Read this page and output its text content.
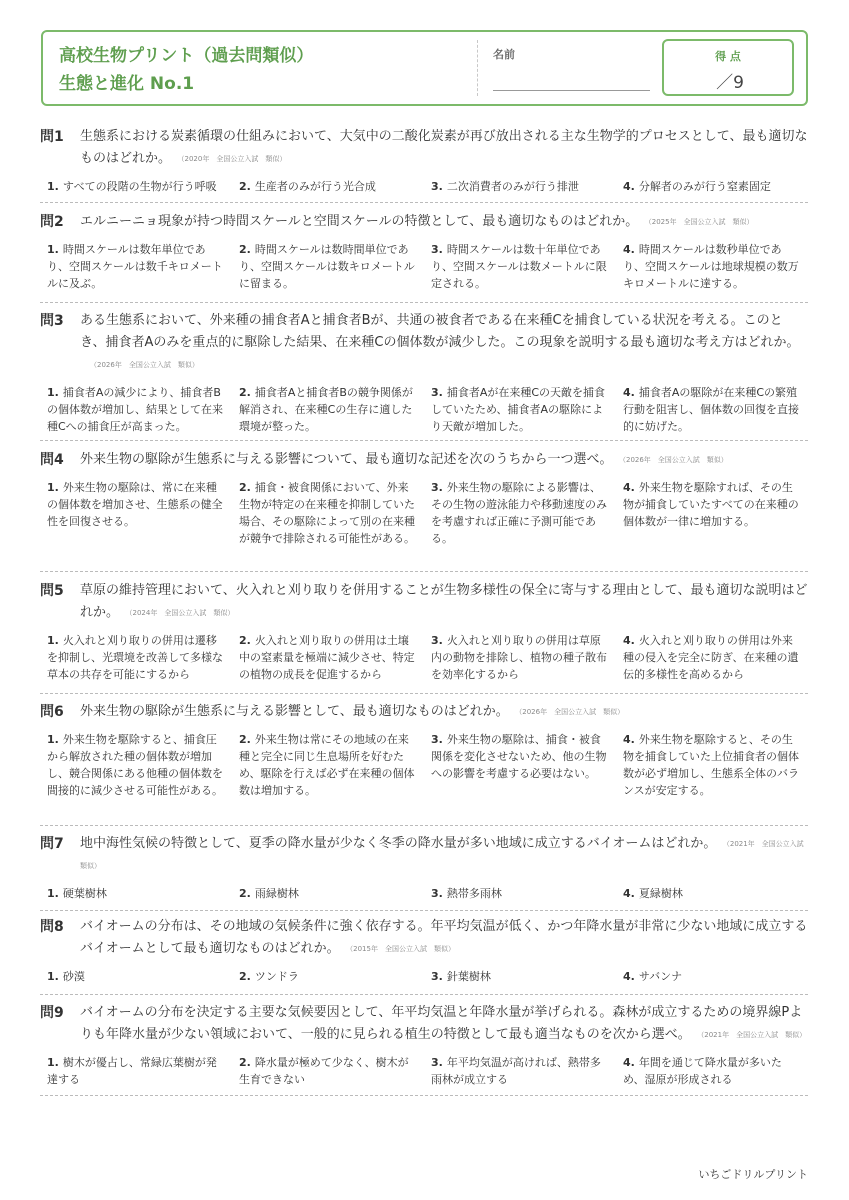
高校生物プリント（過去問類似）
生態と進化 No.1
名前	得 点
／9
問1 生態系における炭素循環の仕組みにおいて、大気中の二酸化炭素が再び放出される主な生物学的プロセスとして、最も適切なものはどれか。 （2020年　全国公立入試　類似）
1. すべての段階の生物が行う呼吸	2. 生産者のみが行う光合成	3. 二次消費者のみが行う排泄	4. 分解者のみが行う窒素固定
問2 エルニーニョ現象が持つ時間スケールと空間スケールの特徴として、最も適切なものはどれか。 （2025年　全国公立入試　類似）
1. 時間スケールは数年単位であり、空間スケールは数千キロメートルに及ぶ。
2. 時間スケールは数時間単位であり、空間スケールは数キロメートルに留まる。
3. 時間スケールは数十年単位であり、空間スケールは数メートルに限定される。
4. 時間スケールは数秒単位であり、空間スケールは地球規模の数万キロメートルに達する。
問3 ある生態系において、外来種の捕食者Aと捕食者Bが、共通の被食者である在来種Cを捕食している状況を考える。このとき、捕食者Aのみを重点的に駆除した結果、在来種Cの個体数が減少した。この現象を説明する最も適切な考え方はどれか。（2026年　全国公立入試　類似）
1. 捕食者Aの減少により、捕食者Bの個体数が増加し、結果として在来種Cへの捕食圧が高まった。
2. 捕食者Aと捕食者Bの競争関係が解消され、在来種Cの生存に適した環境が整った。
3. 捕食者Aが在来種Cの天敵を捕食していたため、捕食者Aの駆除により天敵が増加した。
4. 捕食者Aの駆除が在来種Cの繁殖行動を阻害し、個体数の回復を直接的に妨げた。
問4 外来生物の駆除が生態系に与える影響について、最も適切な記述を次のうちから一つ選べ。 （2026年　全国公立入試　類似）
1. 外来生物の駆除は、常に在来種の個体数を増加させ、生態系の健全性を回復させる。
2. 捕食・被食関係において、外来生物が特定の在来種を抑制していた場合、その駆除によって別の在来種が競争で排除される可能性がある。
3. 外来生物の駆除による影響は、その生物の遊泳能力や移動速度のみを考慮すれば正確に予測可能である。
4. 外来生物を駆除すれば、その生物が捕食していたすべての在来種の個体数が一律に増加する。
問5 草原の維持管理において、火入れと刈り取りを併用することが生物多様性の保全に寄与する理由として、最も適切な説明はどれか。 （2024年　全国公立入試　類似）
1. 火入れと刈り取りの併用は遷移を抑制し、光環境を改善して多様な草本の共存を可能にするから
2. 火入れと刈り取りの併用は土壌中の窒素量を極端に減少させ、特定の植物の成長を促進するから
3. 火入れと刈り取りの併用は草原内の動物を排除し、植物の種子散布を効率化するから
4. 火入れと刈り取りの併用は外来種の侵入を完全に防ぎ、在来種の遺伝的多様性を高めるから
問6 外来生物の駆除が生態系に与える影響として、最も適切なものはどれか。 （2026年　全国公立入試　類似）
1. 外来生物を駆除すると、捕食圧から解放された種の個体数が増加し、競合関係にある他種の個体数を間接的に減少させる可能性がある。
2. 外来生物は常にその地域の在来種と完全に同じ生息場所を好むため、駆除を行えば必ず在来種の個体数は増加する。
3. 外来生物の駆除は、捕食・被食関係を変化させないため、他の生物への影響を考慮する必要はない。
4. 外来生物を駆除すると、その生物を捕食していた上位捕食者の個体数が必ず増加し、生態系全体のバランスが安定する。
問7 地中海性気候の特徴として、夏季の降水量が少なく冬季の降水量が多い地域に成立するバイオームはどれか。 （2021年　全国公立入試　類似）
1. 硬葉樹林	2. 雨緑樹林	3. 熱帯多雨林	4. 夏緑樹林
問8 バイオームの分布は、その地域の気候条件に強く依存する。年平均気温が低く、かつ年降水量が非常に少ない地域に成立するバイオームとして最も適切なものはどれか。 （2015年　全国公立入試　類似）
1. 砂漠	2. ツンドラ	3. 針葉樹林	4. サバンナ
問9 バイオームの分布を決定する主要な気候要因として、年平均気温と年降水量が挙げられる。森林が成立するための境界線Pよりも年降水量が少ない領域において、一般的に見られる植生の特徴として最も適当なものを次から選べ。 （2021年　全国公立入試　類似）
1. 樹木が優占し、常緑広葉樹が発達する
2. 降水量が極めて少なく、樹木が生育できない
3. 年平均気温が高ければ、熱帯多雨林が成立する
4. 年間を通じて降水量が多いため、湿原が形成される
いちごドリルプリント
